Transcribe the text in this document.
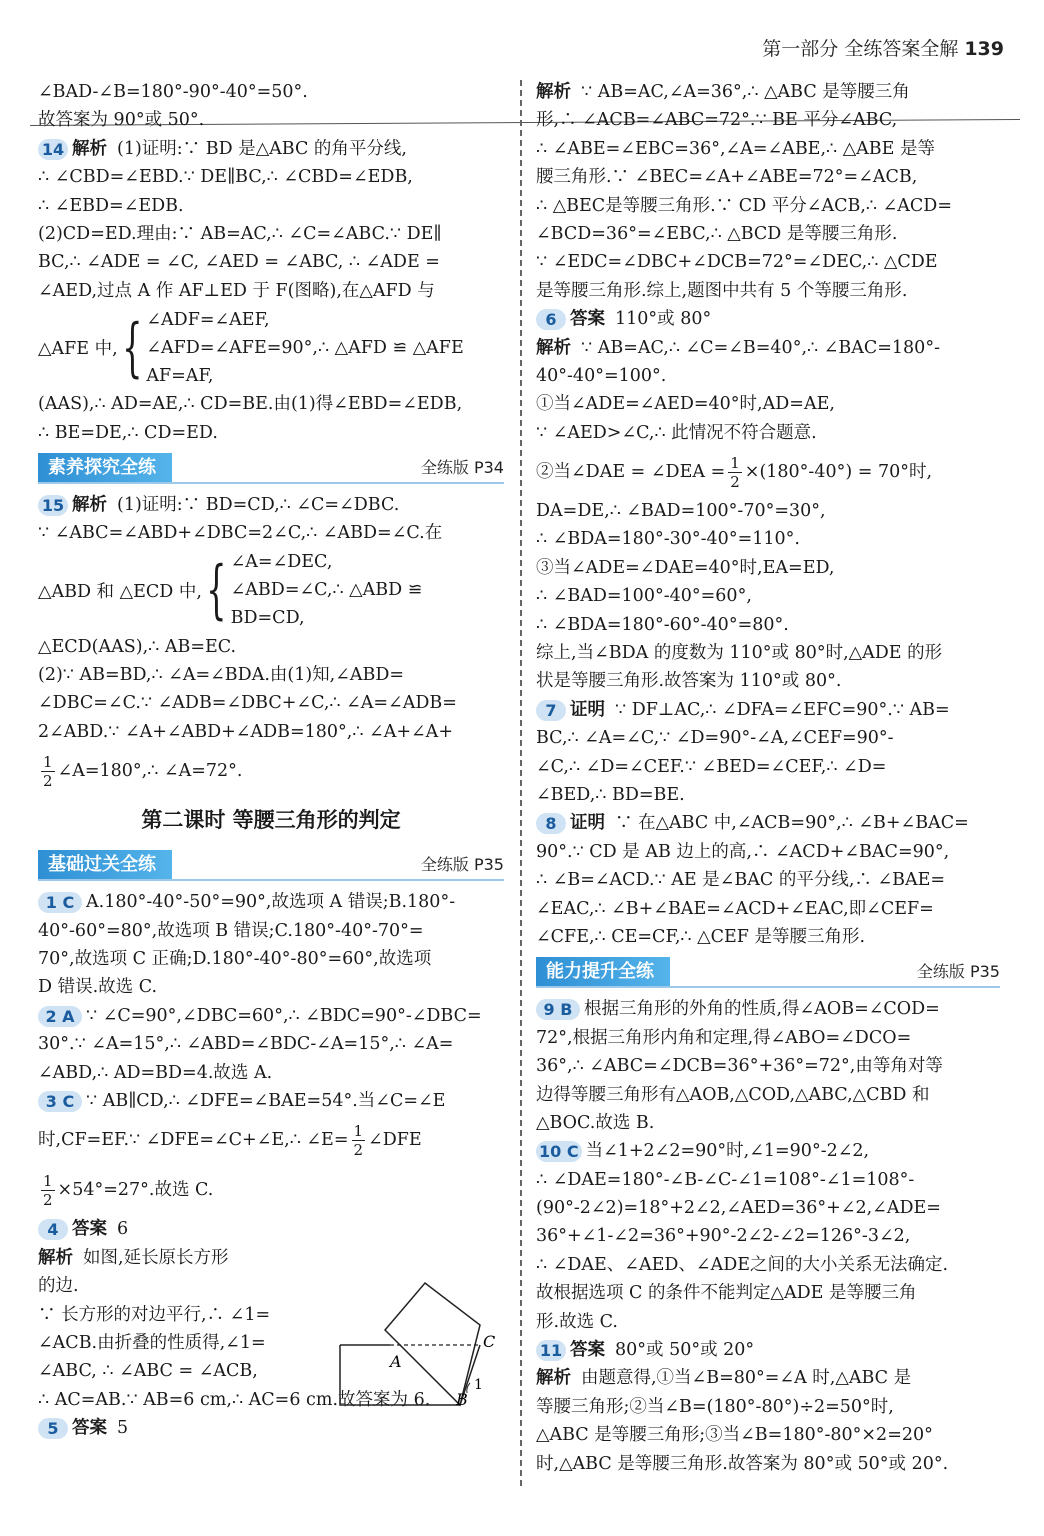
第一部分 全练答案全解 139
∠BAD-∠B=180°-90°-40°=50°.
故答案为 90°或 50°.
14 解析 (1)证明:∵ BD 是△ABC 的角平分线,
∴ ∠CBD=∠EBD.∵ DE∥BC,∴ ∠CBD=∠EDB,
∴ ∠EBD=∠EDB.
(2)CD=ED.理由:∵ AB=AC,∴ ∠C=∠ABC.∵ DE∥
BC,∴ ∠ADE = ∠C, ∠AED = ∠ABC, ∴ ∠ADE =
∠AED,过点 A 作 AF⊥ED 于 F(图略),在△AFD 与
△AFE 中, { ∠ADF=∠AEF,
∠AFD=∠AFE=90°,∴ △AFD ≌ △AFE
AF=AF,
(AAS),∴ AD=AE,∴ CD=BE.由(1)得∠EBD=∠EDB,
∴ BE=DE,∴ CD=ED.
素养探究全练	全练版 P34
15 解析 (1)证明:∵ BD=CD,∴ ∠C=∠DBC.
∵ ∠ABC=∠ABD+∠DBC=2∠C,∴ ∠ABD=∠C.在
△ABD 和 △ECD 中, { ∠A=∠DEC,
∠ABD=∠C,∴ △ABD ≌
BD=CD,
△ECD(AAS),∴ AB=EC.
(2)∵ AB=BD,∴ ∠A=∠BDA.由(1)知,∠ABD=
∠DBC=∠C.∵ ∠ADB=∠DBC+∠C,∴ ∠A=∠ADB=
2∠ABD.∵ ∠A+∠ABD+∠ADB=180°,∴ ∠A+∠A+
$\frac{1}{2}$ ∠A=180°,∴ ∠A=72°.
第二课时 等腰三角形的判定
基础过关全练	全练版 P35
1 C A.180°-40°-50°=90°,故选项 A 错误;B.180°-
40°-60°=80°,故选项 B 错误;C.180°-40°-70°=
70°,故选项 C 正确;D.180°-40°-80°=60°,故选项
D 错误.故选 C.
2 A ∵ ∠C=90°,∠DBC=60°,∴ ∠BDC=90°-∠DBC=
30°.∵ ∠A=15°,∴ ∠ABD=∠BDC-∠A=15°,∴ ∠A=
∠ABD,∴ AD=BD=4.故选 A.
3 C ∵ AB∥CD,∴ ∠DFE=∠BAE=54°.当∠C=∠E
时,CF=EF.∵ ∠DFE=∠C+∠E,∴ ∠E= $\frac{1}{2}$ ∠DFE
$\frac{1}{2} \times 54^\circ=27^\circ$.故选 C.
4 答案 6
解析 如图,延长原长方形
的边.
∵ 长方形的对边平行,∴ ∠1=
∠ACB.由折叠的性质得,∠1=
∠ABC, ∴ ∠ABC = ∠ACB,
∴ AC=AB.∵ AB=6 cm,∴ AC=6 cm.故答案为 6.
5 答案 5
A
B
C
1
解析 ∵ AB=AC,∠A=36°,∴ △ABC 是等腰三角
形,∴ ∠ACB=∠ABC=72°.∵ BE 平分∠ABC,
∴ ∠ABE=∠EBC=36°,∠A=∠ABE,∴ △ABE 是等
腰三角形.∵ ∠BEC=∠A+∠ABE=72°=∠ACB,
∴ △BEC是等腰三角形.∵ CD 平分∠ACB,∴ ∠ACD=
∠BCD=36°=∠EBC,∴ △BCD 是等腰三角形.
∵ ∠EDC=∠DBC+∠DCB=72°=∠DEC,∴ △CDE
是等腰三角形.综上,题图中共有 5 个等腰三角形.
6 答案 110°或 80°
解析 ∵ AB=AC,∴ ∠C=∠B=40°,∴ ∠BAC=180°-
40°-40°=100°.
①当∠ADE=∠AED=40°时,AD=AE,
∵ ∠AED>∠C,∴ 此情况不符合题意.
②当∠DAE = ∠DEA = $\frac{1}{2} \times(180^\circ-40^\circ) = 70^\circ$时,
DA=DE,∴ ∠BAD=100°-70°=30°,
∴ ∠BDA=180°-30°-40°=110°.
③当∠ADE=∠DAE=40°时,EA=ED,
∴ ∠BAD=100°-40°=60°,
∴ ∠BDA=180°-60°-40°=80°.
综上,当∠BDA 的度数为 110°或 80°时,△ADE 的形
状是等腰三角形.故答案为 110°或 80°.
7 证明 ∵ DF⊥AC,∴ ∠DFA=∠EFC=90°.∵ AB=
BC,∴ ∠A=∠C,∵ ∠D=90°-∠A,∠CEF=90°-
∠C,∴ ∠D=∠CEF.∵ ∠BED=∠CEF,∴ ∠D=
∠BED,∴ BD=BE.
8 证明 ∵ 在△ABC 中,∠ACB=90°,∴ ∠B+∠BAC=
90°.∵ CD 是 AB 边上的高,∴ ∠ACD+∠BAC=90°,
∴ ∠B=∠ACD.∵ AE 是∠BAC 的平分线,∴ ∠BAE=
∠EAC,∴ ∠B+∠BAE=∠ACD+∠EAC,即∠CEF=
∠CFE,∴ CE=CF,∴ △CEF 是等腰三角形.
能力提升全练	全练版 P35
9 B 根据三角形的外角的性质,得∠AOB=∠COD=
72°,根据三角形内角和定理,得∠ABO=∠DCO=
36°,∴ ∠ABC=∠DCB=36°+36°=72°,由等角对等
边得等腰三角形有△AOB,△COD,△ABC,△CBD 和
△BOC.故选 B.
10 C 当∠1+2∠2=90°时,∠1=90°-2∠2,
∴ ∠DAE=180°-∠B-∠C-∠1=108°-∠1=108°-
(90°-2∠2)=18°+2∠2,∠AED=36°+∠2,∠ADE=
36°+∠1-∠2=36°+90°-2∠2-∠2=126°-3∠2,
∴ ∠DAE、∠AED、∠ADE之间的大小关系无法确定.
故根据选项 C 的条件不能判定△ADE 是等腰三角
形.故选 C.
11 答案 80°或 50°或 20°
解析 由题意得,①当∠B=80°=∠A 时,△ABC 是
等腰三角形;②当∠B=(180°-80°)÷2=50°时,
△ABC 是等腰三角形;③当∠B=180°-80°×2=20°
时,△ABC 是等腰三角形.故答案为 80°或 50°或 20°.
